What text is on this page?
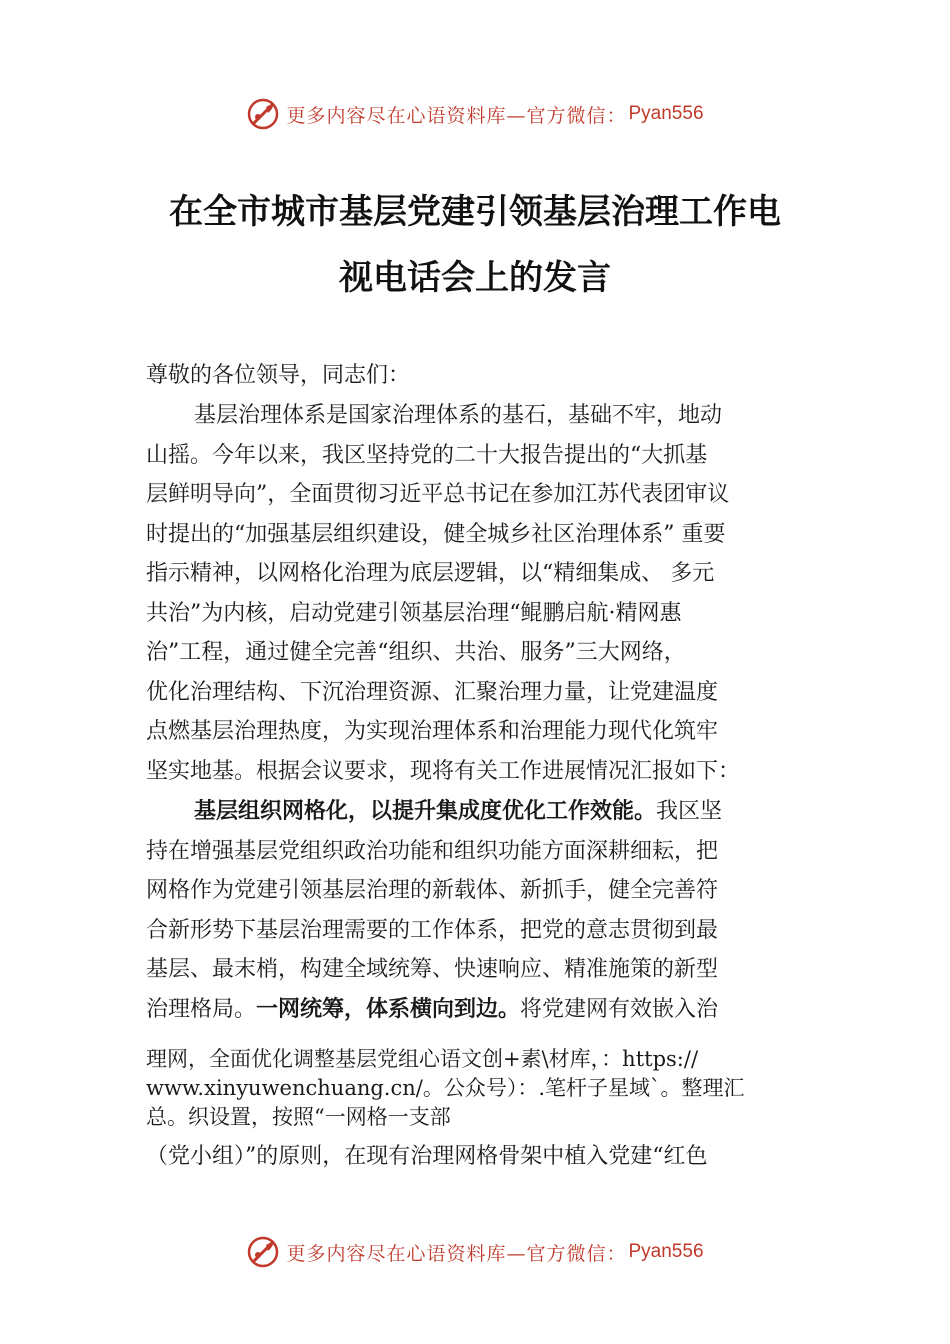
更多内容尽在心语资料库—官方微信： Pyan556
在全市城市基层党建引领基层治理工作电
视电话会上的发言
尊敬的各位领导，同志们：
基层治理体系是国家治理体系的基石，基础不牢，地动
山摇。今年以来，我区坚持党的二十大报告提出的“大抓基
层鲜明导向”，全面贯彻习近平总书记在参加江苏代表团审议
时提出的“加强基层组织建设，健全城乡社区治理体系” 重要
指示精神，以网格化治理为底层逻辑，以“精细集成、 多元
共治”为内核，启动党建引领基层治理“鲲鹏启航·精网惠
治”工程，通过健全完善“组织、共治、服务”三大网络，
优化治理结构、下沉治理资源、汇聚治理力量，让党建温度
点燃基层治理热度，为实现治理体系和治理能力现代化筑牢
坚实地基。根据会议要求，现将有关工作进展情况汇报如下：
基层组织网格化，以提升集成度优化工作效能。我区坚
持在增强基层党组织政治功能和组织功能方面深耕细耘，把
网格作为党建引领基层治理的新载体、新抓手，健全完善符
合新形势下基层治理需要的工作体系，把党的意志贯彻到最
基层、最末梢，构建全域统筹、快速响应、精准施策的新型
治理格局。一网统筹，体系横向到边。将党建网有效嵌入治
理网，全面优化调整基层党组心语文创+素\材库，：https://
www.xinyuwenchuang.cn/。公众号）：.笔杆子星域`。整理汇
总。织设置，按照“一网格一支部
（党小组）”的原则，在现有治理网格骨架中植入党建“红色
更多内容尽在心语资料库—官方微信： Pyan556
